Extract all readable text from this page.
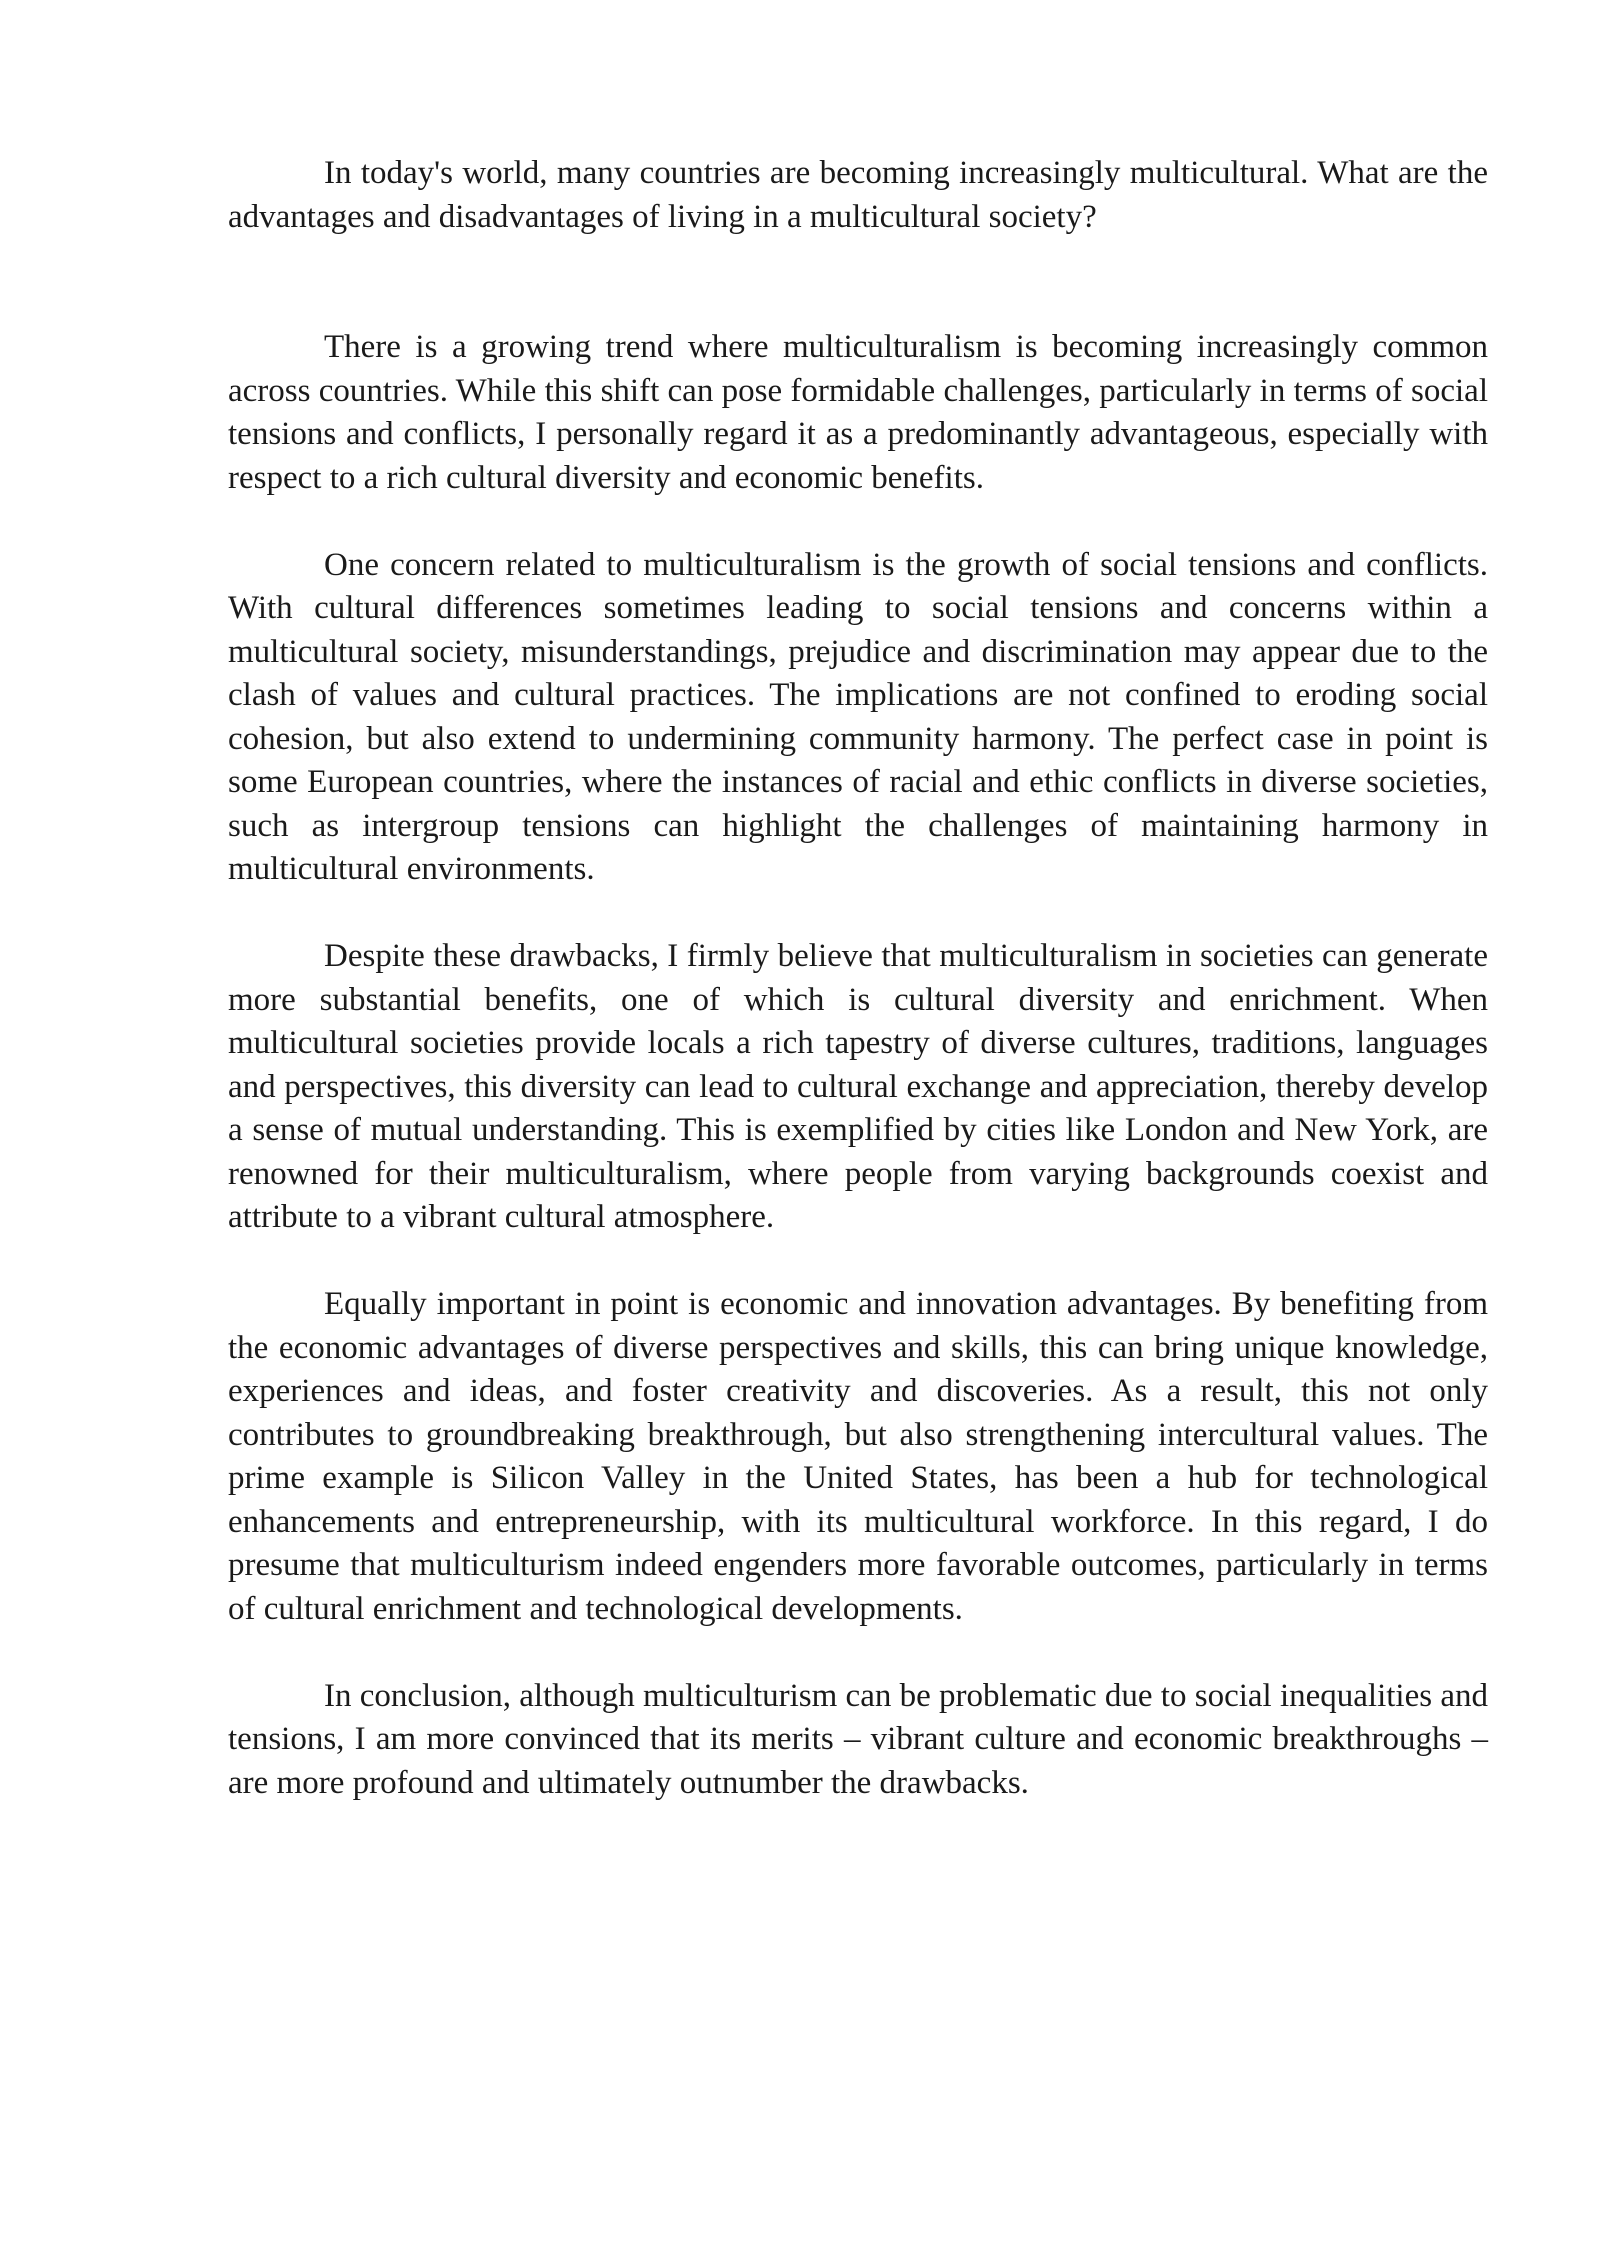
In today's world, many countries are becoming increasingly multicultural. What are the advantages and disadvantages of living in a multicultural society?

There is a growing trend where multiculturalism is becoming increasingly common across countries. While this shift can pose formidable challenges, particularly in terms of social tensions and conflicts, I personally regard it as a predominantly advantageous, especially with respect to a rich cultural diversity and economic benefits.

One concern related to multiculturalism is the growth of social tensions and conflicts. With cultural differences sometimes leading to social tensions and concerns within a multicultural society, misunderstandings, prejudice and discrimination may appear due to the clash of values and cultural practices. The implications are not confined to eroding social cohesion, but also extend to undermining community harmony. The perfect case in point is some European countries, where the instances of racial and ethic conflicts in diverse societies, such as intergroup tensions can highlight the challenges of maintaining harmony in multicultural environments.

Despite these drawbacks, I firmly believe that multiculturalism in societies can generate more substantial benefits, one of which is cultural diversity and enrichment. When multicultural societies provide locals a rich tapestry of diverse cultures, traditions, languages and perspectives, this diversity can lead to cultural exchange and appreciation, thereby develop a sense of mutual understanding. This is exemplified by cities like London and New York, are renowned for their multiculturalism, where people from varying backgrounds coexist and attribute to a vibrant cultural atmosphere.

Equally important in point is economic and innovation advantages. By benefiting from the economic advantages of diverse perspectives and skills, this can bring unique knowledge, experiences and ideas, and foster creativity and discoveries. As a result, this not only contributes to groundbreaking breakthrough, but also strengthening intercultural values. The prime example is Silicon Valley in the United States, has been a hub for technological enhancements and entrepreneurship, with its multicultural workforce. In this regard, I do presume that multiculturism indeed engenders more favorable outcomes, particularly in terms of cultural enrichment and technological developments.

In conclusion, although multiculturism can be problematic due to social inequalities and tensions, I am more convinced that its merits – vibrant culture and economic breakthroughs – are more profound and ultimately outnumber the drawbacks.
